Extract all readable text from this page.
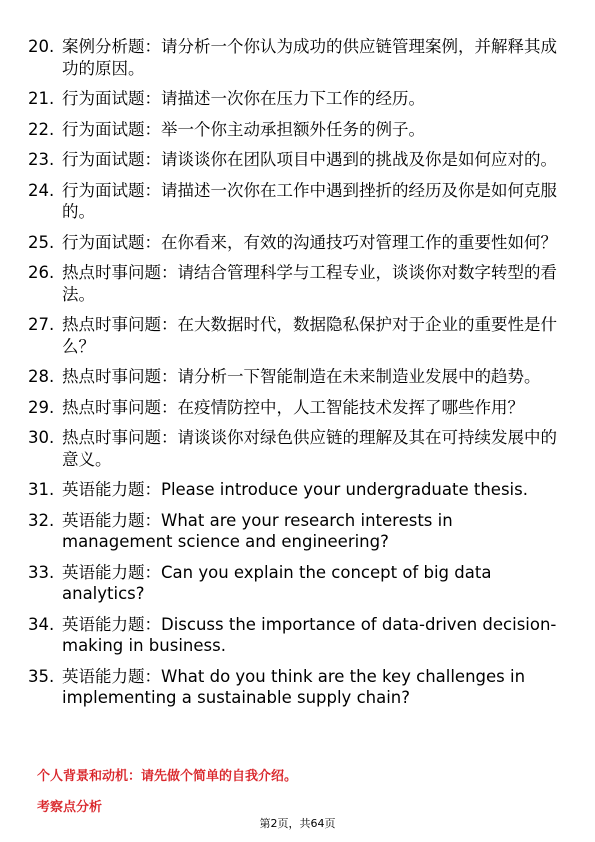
20. 案例分析题：请分析一个你认为成功的供应链管理案例，并解释其成功的原因。
21. 行为面试题：请描述一次你在压力下工作的经历。
22. 行为面试题：举一个你主动承担额外任务的例子。
23. 行为面试题：请谈谈你在团队项目中遇到的挑战及你是如何应对的。
24. 行为面试题：请描述一次你在工作中遇到挫折的经历及你是如何克服的。
25. 行为面试题：在你看来，有效的沟通技巧对管理工作的重要性如何？
26. 热点时事问题：请结合管理科学与工程专业，谈谈你对数字转型的看法。
27. 热点时事问题：在大数据时代，数据隐私保护对于企业的重要性是什么？
28. 热点时事问题：请分析一下智能制造在未来制造业发展中的趋势。
29. 热点时事问题：在疫情防控中，人工智能技术发挥了哪些作用？
30. 热点时事问题：请谈谈你对绿色供应链的理解及其在可持续发展中的意义。
31. 英语能力题：Please introduce your undergraduate thesis.
32. 英语能力题：What are your research interests in management science and engineering?
33. 英语能力题：Can you explain the concept of big data analytics?
34. 英语能力题：Discuss the importance of data-driven decision-making in business.
35. 英语能力题：What do you think are the key challenges in implementing a sustainable supply chain?
个人背景和动机：请先做个简单的自我介绍。
考察点分析
第2页，共64页
